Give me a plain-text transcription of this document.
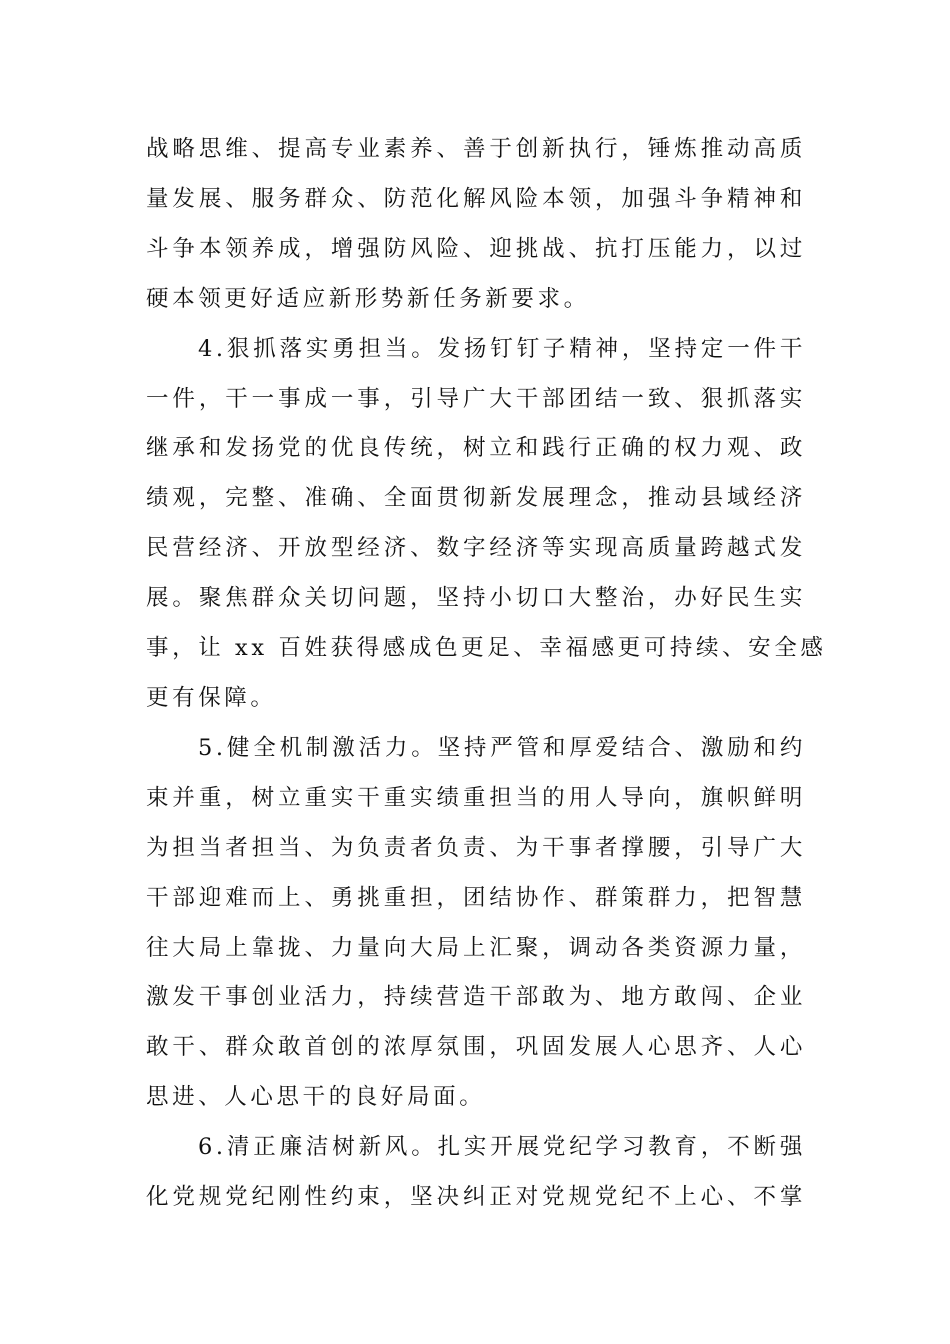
战略思维、提高专业素养、善于创新执行，锤炼推动高质
量发展、服务群众、防范化解风险本领，加强斗争精神和
斗争本领养成，增强防风险、迎挑战、抗打压能力，以过
硬本领更好适应新形势新任务新要求。
4.狠抓落实勇担当。发扬钉钉子精神，坚持定一件干
一件，干一事成一事，引导广大干部团结一致、狠抓落实
继承和发扬党的优良传统，树立和践行正确的权力观、政
绩观，完整、准确、全面贯彻新发展理念，推动县域经济
民营经济、开放型经济、数字经济等实现高质量跨越式发
展。聚焦群众关切问题，坚持小切口大整治，办好民生实
事，让 xx 百姓获得感成色更足、幸福感更可持续、安全感
更有保障。
5.健全机制激活力。坚持严管和厚爱结合、激励和约
束并重，树立重实干重实绩重担当的用人导向，旗帜鲜明
为担当者担当、为负责者负责、为干事者撑腰，引导广大
干部迎难而上、勇挑重担，团结协作、群策群力，把智慧
往大局上靠拢、力量向大局上汇聚，调动各类资源力量，
激发干事创业活力，持续营造干部敢为、地方敢闯、企业
敢干、群众敢首创的浓厚氛围，巩固发展人心思齐、人心
思进、人心思干的良好局面。
6.清正廉洁树新风。扎实开展党纪学习教育，不断强
化党规党纪刚性约束，坚决纠正对党规党纪不上心、不掌
